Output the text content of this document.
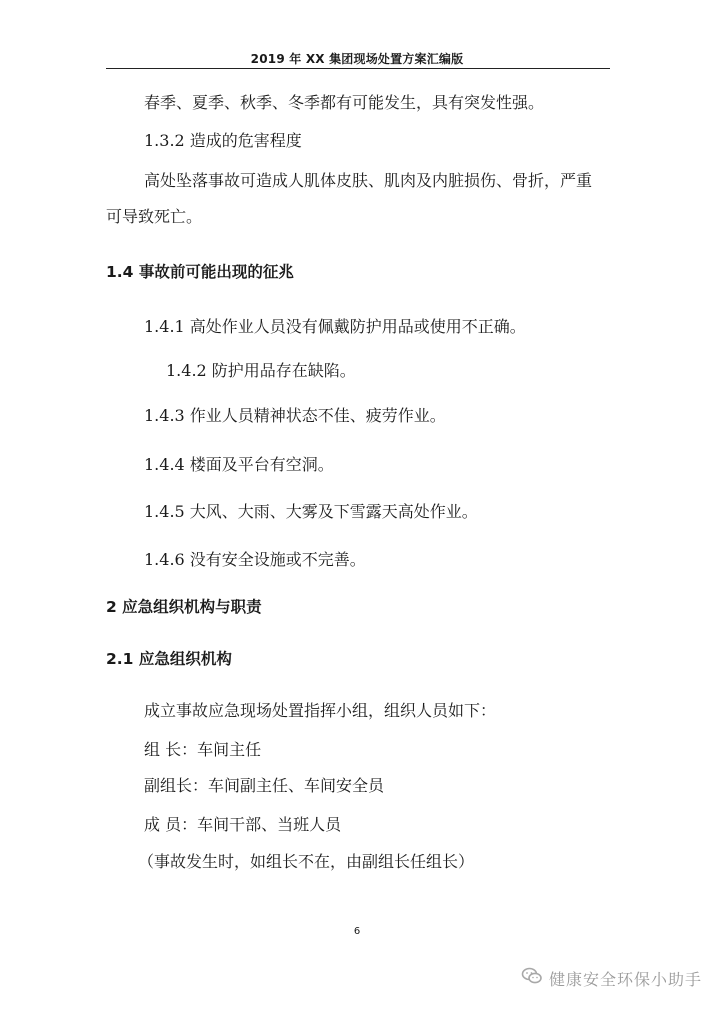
2019 年 XX 集团现场处置方案汇编版
春季、夏季、秋季、冬季都有可能发生，具有突发性强。
1.3.2 造成的危害程度
高处坠落事故可造成人肌体皮肤、肌肉及内脏损伤、骨折，严重
可导致死亡。
1.4 事故前可能出现的征兆
1.4.1 高处作业人员没有佩戴防护用品或使用不正确。
1.4.2 防护用品存在缺陷。
1.4.3 作业人员精神状态不佳、疲劳作业。
1.4.4 楼面及平台有空洞。
1.4.5 大风、大雨、大雾及下雪露天高处作业。
1.4.6 没有安全设施或不完善。
2 应急组织机构与职责
2.1 应急组织机构
成立事故应急现场处置指挥小组，组织人员如下：
组 长：车间主任
副组长：车间副主任、车间安全员
成 员：车间干部、当班人员
（事故发生时，如组长不在，由副组长任组长）
6
健康安全环保小助手
